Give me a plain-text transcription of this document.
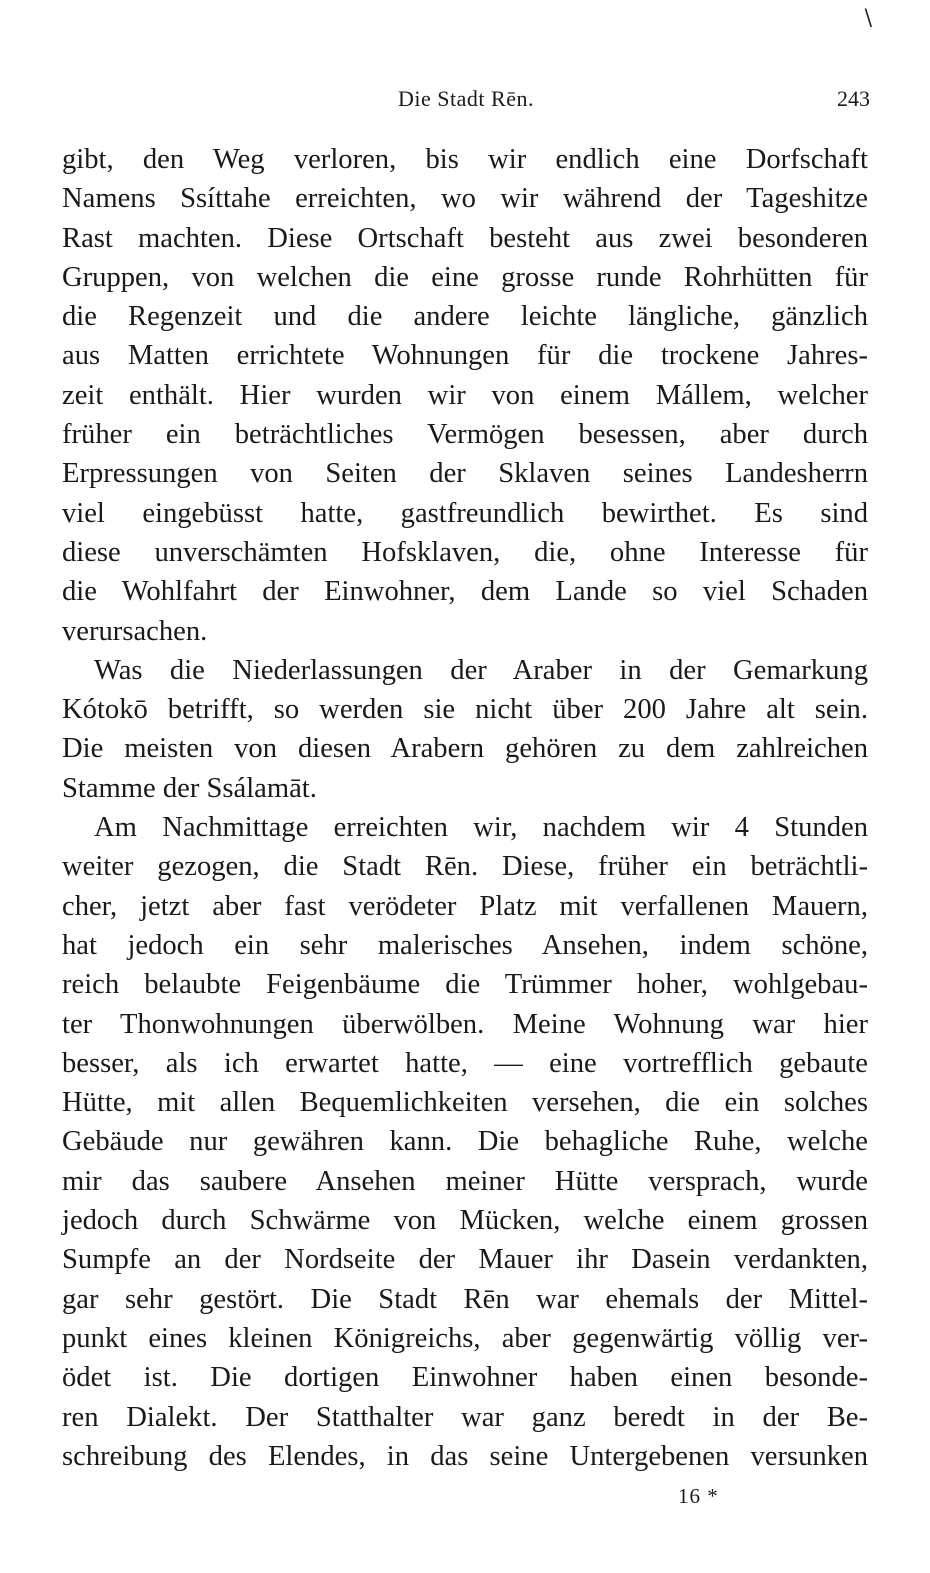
\
Die Stadt Rēn.	243
gibt, den Weg verloren, bis wir endlich eine Dorfschaft
Namens Ssíttahe erreichten, wo wir während der Tageshitze
Rast machten. Diese Ortschaft besteht aus zwei besonderen
Gruppen, von welchen die eine grosse runde Rohrhütten für
die Regenzeit und die andere leichte längliche, gänzlich
aus Matten errichtete Wohnungen für die trockene Jahres-
zeit enthält. Hier wurden wir von einem Mállem, welcher
früher ein beträchtliches Vermögen besessen, aber durch
Erpressungen von Seiten der Sklaven seines Landesherrn
viel eingebüsst hatte, gastfreundlich bewirthet. Es sind
diese unverschämten Hofsklaven, die, ohne Interesse für
die Wohlfahrt der Einwohner, dem Lande so viel Schaden
verursachen.
Was die Niederlassungen der Araber in der Gemarkung
Kótokō betrifft, so werden sie nicht über 200 Jahre alt sein.
Die meisten von diesen Arabern gehören zu dem zahlreichen
Stamme der Ssálamāt.
Am Nachmittage erreichten wir, nachdem wir 4 Stunden
weiter gezogen, die Stadt Rēn. Diese, früher ein beträchtli-
cher, jetzt aber fast verödeter Platz mit verfallenen Mauern,
hat jedoch ein sehr malerisches Ansehen, indem schöne,
reich belaubte Feigenbäume die Trümmer hoher, wohlgebau-
ter Thonwohnungen überwölben. Meine Wohnung war hier
besser, als ich erwartet hatte, — eine vortrefflich gebaute
Hütte, mit allen Bequemlichkeiten versehen, die ein solches
Gebäude nur gewähren kann. Die behagliche Ruhe, welche
mir das saubere Ansehen meiner Hütte versprach, wurde
jedoch durch Schwärme von Mücken, welche einem grossen
Sumpfe an der Nordseite der Mauer ihr Dasein verdankten,
gar sehr gestört. Die Stadt Rēn war ehemals der Mittel-
punkt eines kleinen Königreichs, aber gegenwärtig völlig ver-
ödet ist. Die dortigen Einwohner haben einen besonde-
ren Dialekt. Der Statthalter war ganz beredt in der Be-
schreibung des Elendes, in das seine Untergebenen versunken
16 *
